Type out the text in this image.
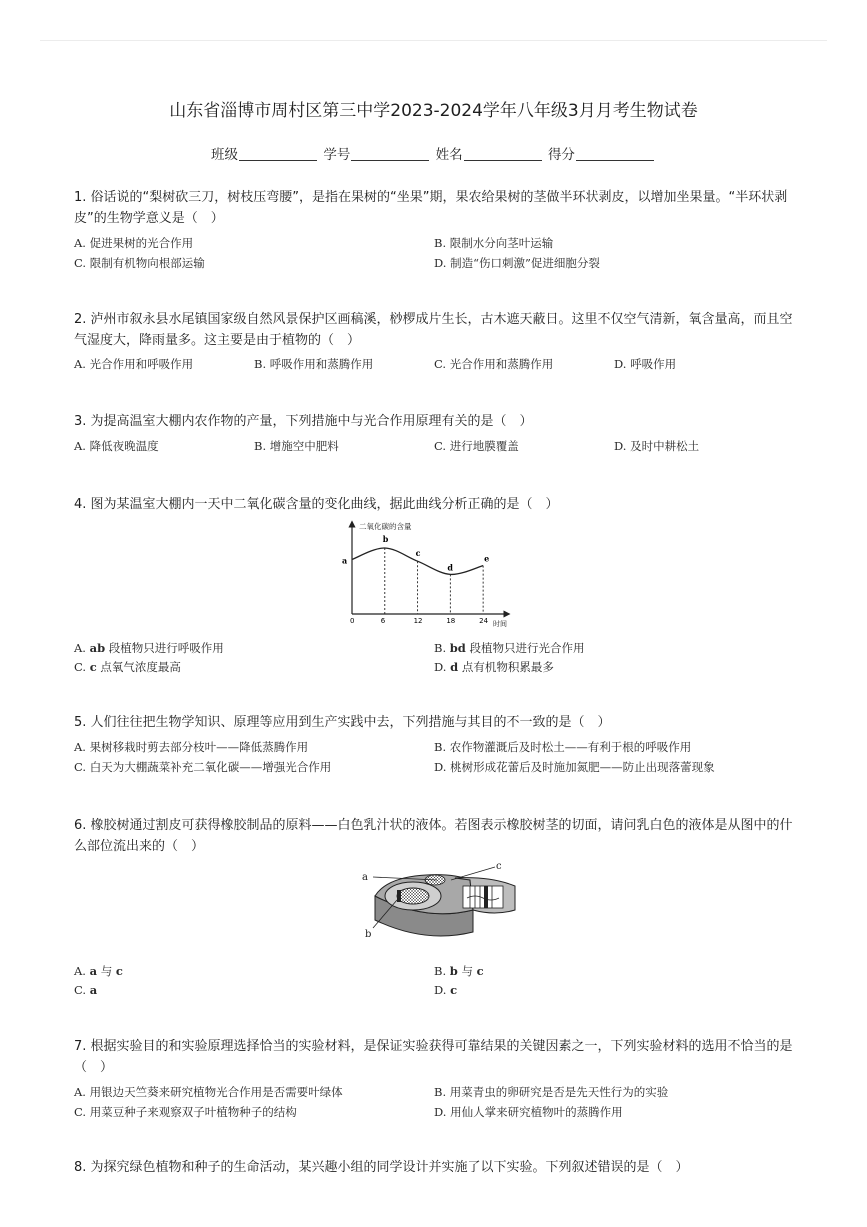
山东省淄博市周村区第三中学2023-2024学年八年级3月月考生物试卷
班级	学号	姓名	得分
1. 俗话说的“梨树砍三刀，树枝压弯腰”，是指在果树的“坐果”期，果农给果树的茎做半环状剥皮，以增加坐果量。“半环状剥皮”的生物学意义是（　）
A. 促进果树的光合作用	B. 限制水分向茎叶运输
C. 限制有机物向根部运输	D. 制造“伤口刺激”促进细胞分裂
2. 泸州市叙永县水尾镇国家级自然风景保护区画稿溪，桫椤成片生长，古木遮天蔽日。这里不仅空气清新，氧含量高，而且空气湿度大，降雨量多。这主要是由于植物的（　）
A. 光合作用和呼吸作用	B. 呼吸作用和蒸腾作用	C. 光合作用和蒸腾作用	D. 呼吸作用
3. 为提高温室大棚内农作物的产量，下列措施中与光合作用原理有关的是（　）
A. 降低夜晚温度	B. 增施空中肥料	C. 进行地膜覆盖	D. 及时中耕松土
4. 图为某温室大棚内一天中二氧化碳含量的变化曲线，据此曲线分析正确的是（　）
二氧化碳的含量
时间
0	6	12	18	24
a
b
c
d
e
A. ab 段植物只进行呼吸作用	B. bd 段植物只进行光合作用
C. c 点氧气浓度最高	D. d 点有机物积累最多
5. 人们往往把生物学知识、原理等应用到生产实践中去，下列措施与其目的不一致的是（　）
A. 果树移栽时剪去部分枝叶——降低蒸腾作用	B. 农作物灌溉后及时松土——有利于根的呼吸作用
C. 白天为大棚蔬菜补充二氧化碳——增强光合作用	D. 桃树形成花蕾后及时施加氮肥——防止出现落蕾现象
6. 橡胶树通过割皮可获得橡胶制品的原料——白色乳汁状的液体。若图表示橡胶树茎的切面，请问乳白色的液体是从图中的什么部位流出来的（　）
a
b
c
A. a 与 c	B. b 与 c
C. a	D. c
7. 根据实验目的和实验原理选择恰当的实验材料，是保证实验获得可靠结果的关键因素之一，下列实验材料的选用不恰当的是（　）
A. 用银边天竺葵来研究植物光合作用是否需要叶绿体	B. 用菜青虫的卵研究是否是先天性行为的实验
C. 用菜豆种子来观察双子叶植物种子的结构	D. 用仙人掌来研究植物叶的蒸腾作用
8. 为探究绿色植物和种子的生命活动，某兴趣小组的同学设计并实施了以下实验。下列叙述错误的是（　）
